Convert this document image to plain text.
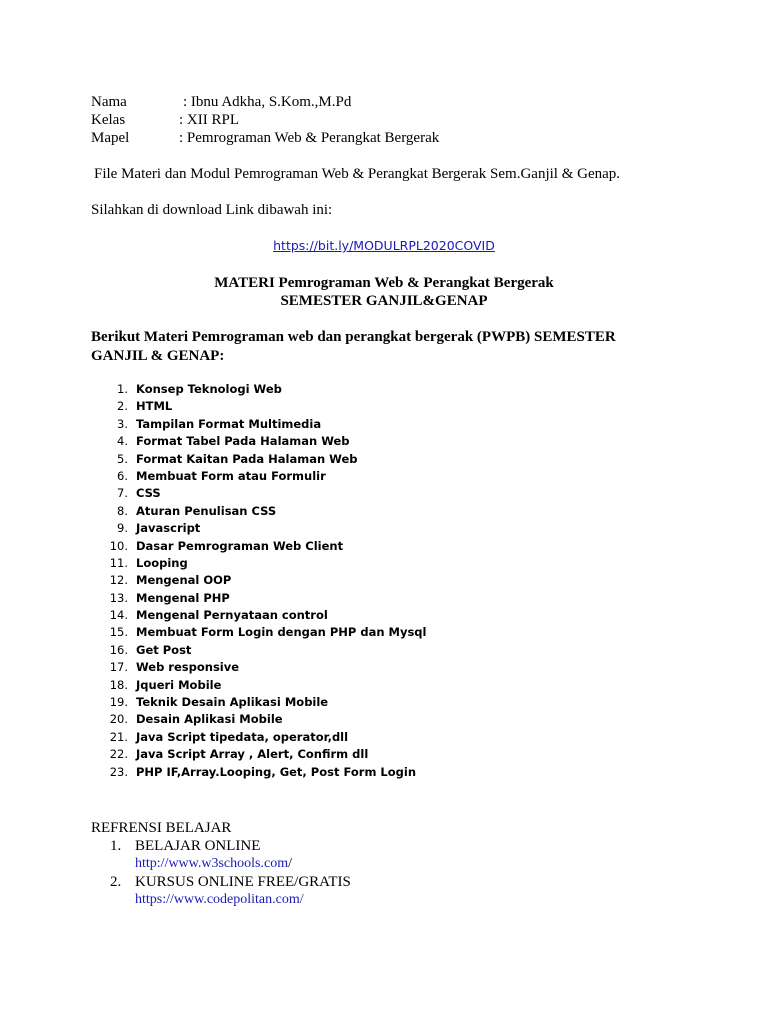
Nama	: Ibnu Adkha, S.Kom.,M.Pd
Kelas	: XII RPL
Mapel	: Pemrograman Web & Perangkat Bergerak
File Materi dan Modul Pemrograman Web & Perangkat Bergerak Sem.Ganjil & Genap.
Silahkan di download Link dibawah ini:
https://bit.ly/MODULRPL2020COVID
MATERI Pemrograman Web & Perangkat Bergerak
SEMESTER GANJIL&GENAP
Berikut Materi Pemrograman web dan perangkat bergerak (PWPB) SEMESTER GANJIL & GENAP:
1. Konsep Teknologi Web
2. HTML
3. Tampilan Format Multimedia
4. Format Tabel Pada Halaman Web
5. Format Kaitan Pada Halaman Web
6. Membuat Form atau Formulir
7. CSS
8. Aturan Penulisan CSS
9. Javascript
10. Dasar Pemrograman Web Client
11. Looping
12. Mengenal OOP
13. Mengenal PHP
14. Mengenal Pernyataan control
15. Membuat Form Login dengan PHP dan Mysql
16. Get Post
17. Web responsive
18. Jqueri Mobile
19. Teknik Desain Aplikasi Mobile
20. Desain Aplikasi Mobile
21. Java Script tipedata, operator,dll
22. Java Script Array , Alert, Confirm dll
23. PHP IF,Array.Looping, Get, Post Form Login
REFRENSI BELAJAR
1. BELAJAR ONLINE
http://www.w3schools.com/
2. KURSUS ONLINE FREE/GRATIS
https://www.codepolitan.com/
